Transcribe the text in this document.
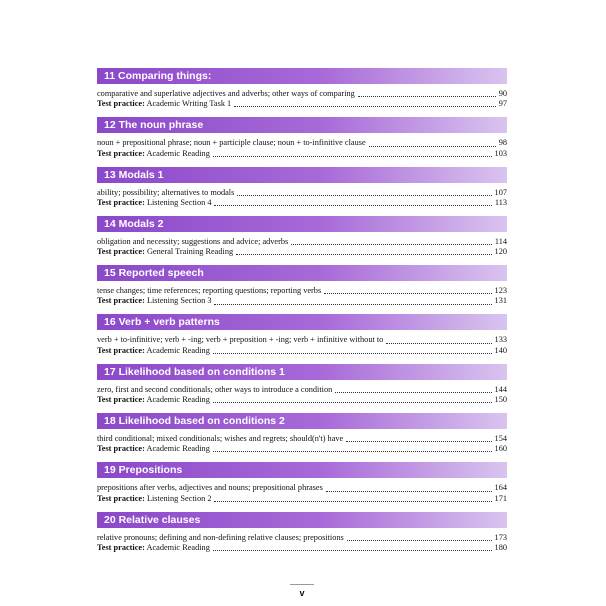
11 Comparing things:
comparative and superlative adjectives and adverbs; other ways of comparing	90
Test practice: Academic Writing Task 1	97
12 The noun phrase
noun + prepositional phrase; noun + participle clause; noun + to-infinitive clause	98
Test practice: Academic Reading	103
13 Modals 1
ability; possibility; alternatives to modals	107
Test practice: Listening Section 4	113
14 Modals 2
obligation and necessity; suggestions and advice; adverbs	114
Test practice: General Training Reading	120
15 Reported speech
tense changes; time references; reporting questions; reporting verbs	123
Test practice: Listening Section 3	131
16 Verb + verb patterns
verb + to-infinitive; verb + -ing; verb + preposition + -ing; verb + infinitive without to	133
Test practice: Academic Reading	140
17 Likelihood based on conditions 1
zero, first and second conditionals; other ways to introduce a condition	144
Test practice: Academic Reading	150
18 Likelihood based on conditions 2
third conditional; mixed conditionals; wishes and regrets; should(n't) have	154
Test practice: Academic Reading	160
19 Prepositions
prepositions after verbs, adjectives and nouns; prepositional phrases	164
Test practice: Listening Section 2	171
20 Relative clauses
relative pronouns; defining and non-defining relative clauses; prepositions	173
Test practice: Academic Reading	180
v
